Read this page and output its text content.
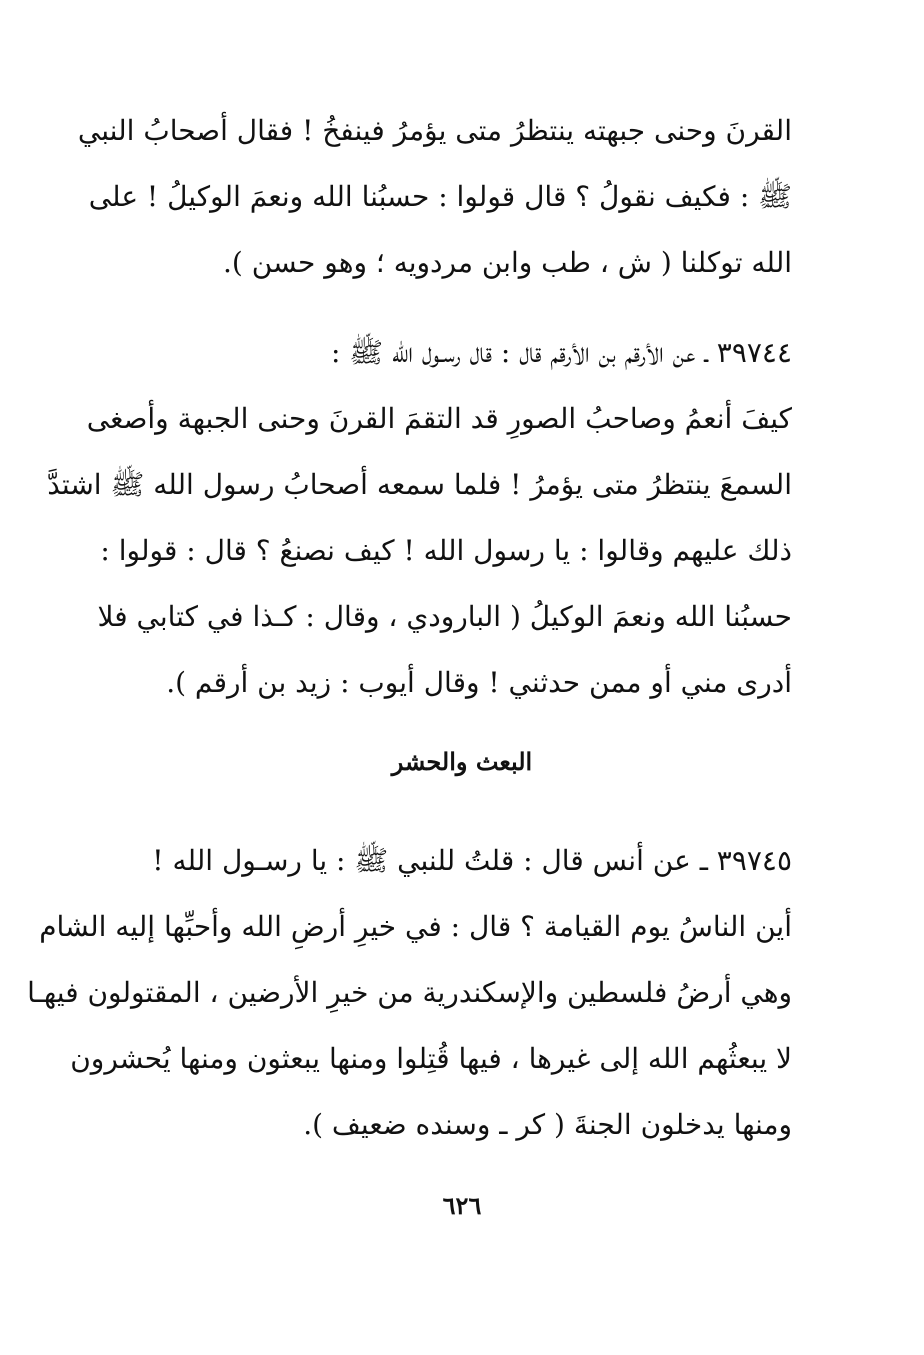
القرنَ وحنى جبهته ينتظرُ متى يؤمرُ فينفخُ ! فقال أصحابُ النبي
ﷺ : فكيف نقولُ ؟ قال قولوا : حسبُنا الله ونعمَ الوكيلُ ! على
الله توكلنا ( ش ، طب وابن مردويه ؛ وهو حسن ).
٣٩٧٤٤ ـ عن الأرقم بن الأرقم قال : قال رسـول الله ﷺ :
كيفَ أنعمُ وصاحبُ الصورِ قد التقمَ القرنَ وحنى الجبهة وأصغى
السمعَ ينتظرُ متى يؤمرُ ! فلما سمعه أصحابُ رسول الله ﷺ اشتدَّ
ذلك عليهم وقالوا : يا رسول الله ! كيف نصنعُ ؟ قال : قولوا :
حسبُنا الله ونعمَ الوكيلُ ( البارودي ، وقال : كـذا في كتابي فلا
أدرى مني أو ممن حدثني ! وقال أيوب : زيد بن أرقم ).
البعث والحشر
٣٩٧٤٥ ـ عن أنس قال : قلتُ للنبي ﷺ : يا رسـول الله !
أين الناسُ يوم القيامة ؟ قال : في خيرِ أرضِ الله وأحبِّها إليه الشام
وهي أرضُ فلسطين والإسكندرية من خيرِ الأرضين ، المقتولون فيهـا
لا يبعثُهم الله إلى غيرها ، فيها قُتِلوا ومنها يبعثون ومنها يُحشرون
ومنها يدخلون الجنةَ ( كر ـ وسنده ضعيف ).
٦٢٦
